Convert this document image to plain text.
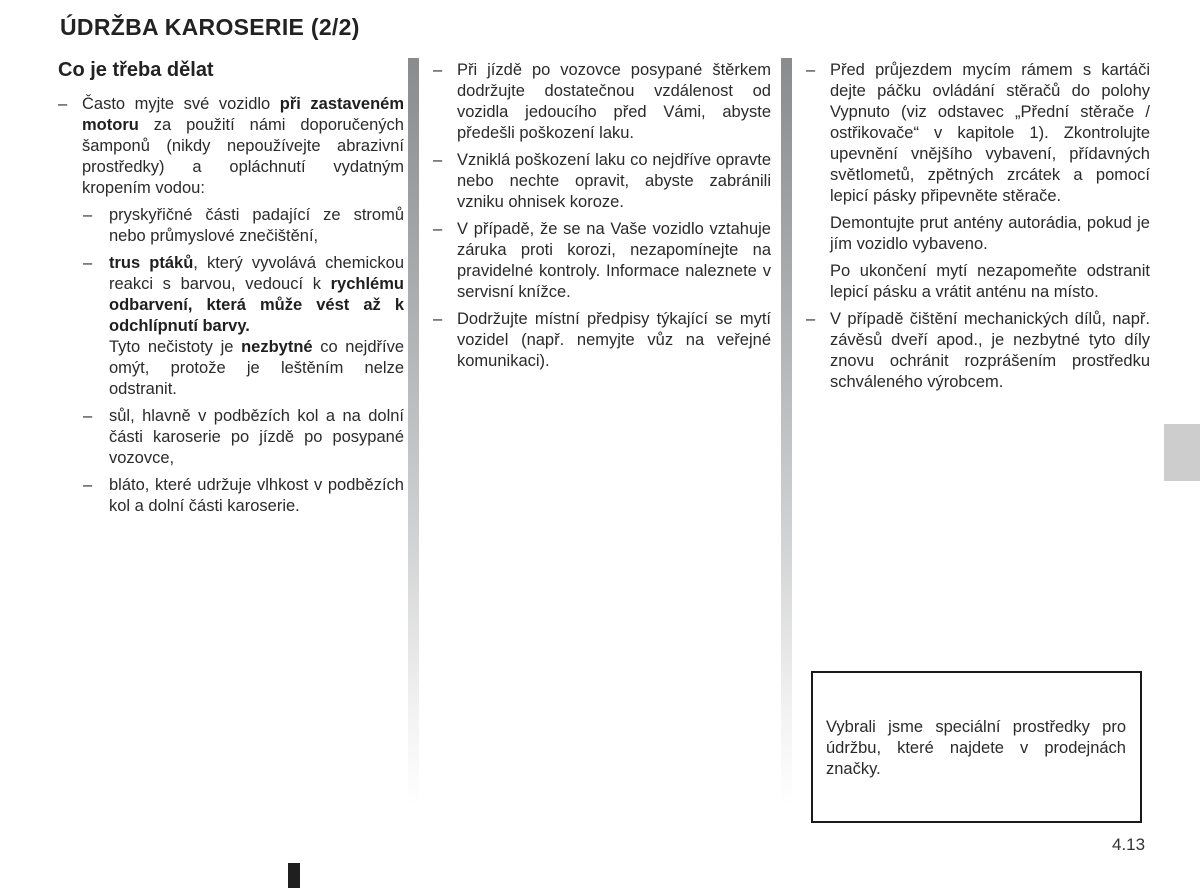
ÚDRŽBA KAROSERIE (2/2)
Co je třeba dělat
– Často myjte své vozidlo při zastaveném motoru za použití námi doporučených šamponů (nikdy nepoužívejte abrazivní prostředky) a opláchnutí vydatným kropením vodou:

–	pryskyřičné části padající ze stromů nebo průmyslové znečištění,

–	trus ptáků, který vyvolává chemickou reakci s barvou, vedoucí k rychlému odbarvení, která může vést až k odchlípnutí barvy.

Tyto nečistoty je nezbytné co nejdříve omýt, protože je leštěním nelze odstranit.

–	sůl, hlavně v podbězích kol a na dolní části karoserie po jízdě po posypané vozovce,

–	bláto, které udržuje vlhkost v podbězích kol a dolní části karoserie.

– Při jízdě po vozovce posypané štěrkem dodržujte dostatečnou vzdálenost od vozidla jedoucího před Vámi, abyste předešli poškození laku.

– Vzniklá poškození laku co nejdříve opravte nebo nechte opravit, abyste zabránili vzniku ohnisek koroze.

– V případě, že se na Vaše vozidlo vztahuje záruka proti korozi, nezapomínejte na pravidelné kontroly. Informace naleznete v servisní knížce.

– Dodržujte místní předpisy týkající se mytí vozidel (např. nemyjte vůz na veřejné komunikaci).

– Před průjezdem mycím rámem s kartáči dejte páčku ovládání stěračů do polohy Vypnuto (viz odstavec „Přední stěrače / ostřikovače“ v kapitole 1). Zkontrolujte upevnění vnějšího vybavení, přídavných světlometů, zpětných zrcátek a pomocí lepicí pásky připevněte stěrače.

Demontujte prut antény autorádia, pokud je jím vozidlo vybaveno.

Po ukončení mytí nezapomeňte odstranit lepicí pásku a vrátit anténu na místo.

– V případě čištění mechanických dílů, např. závěsů dveří apod., je nezbytné tyto díly znovu ochránit rozprášením prostředku schváleného výrobcem.

Vybrali jsme speciální prostředky pro údržbu, které najdete v prodejnách značky.

4.13
